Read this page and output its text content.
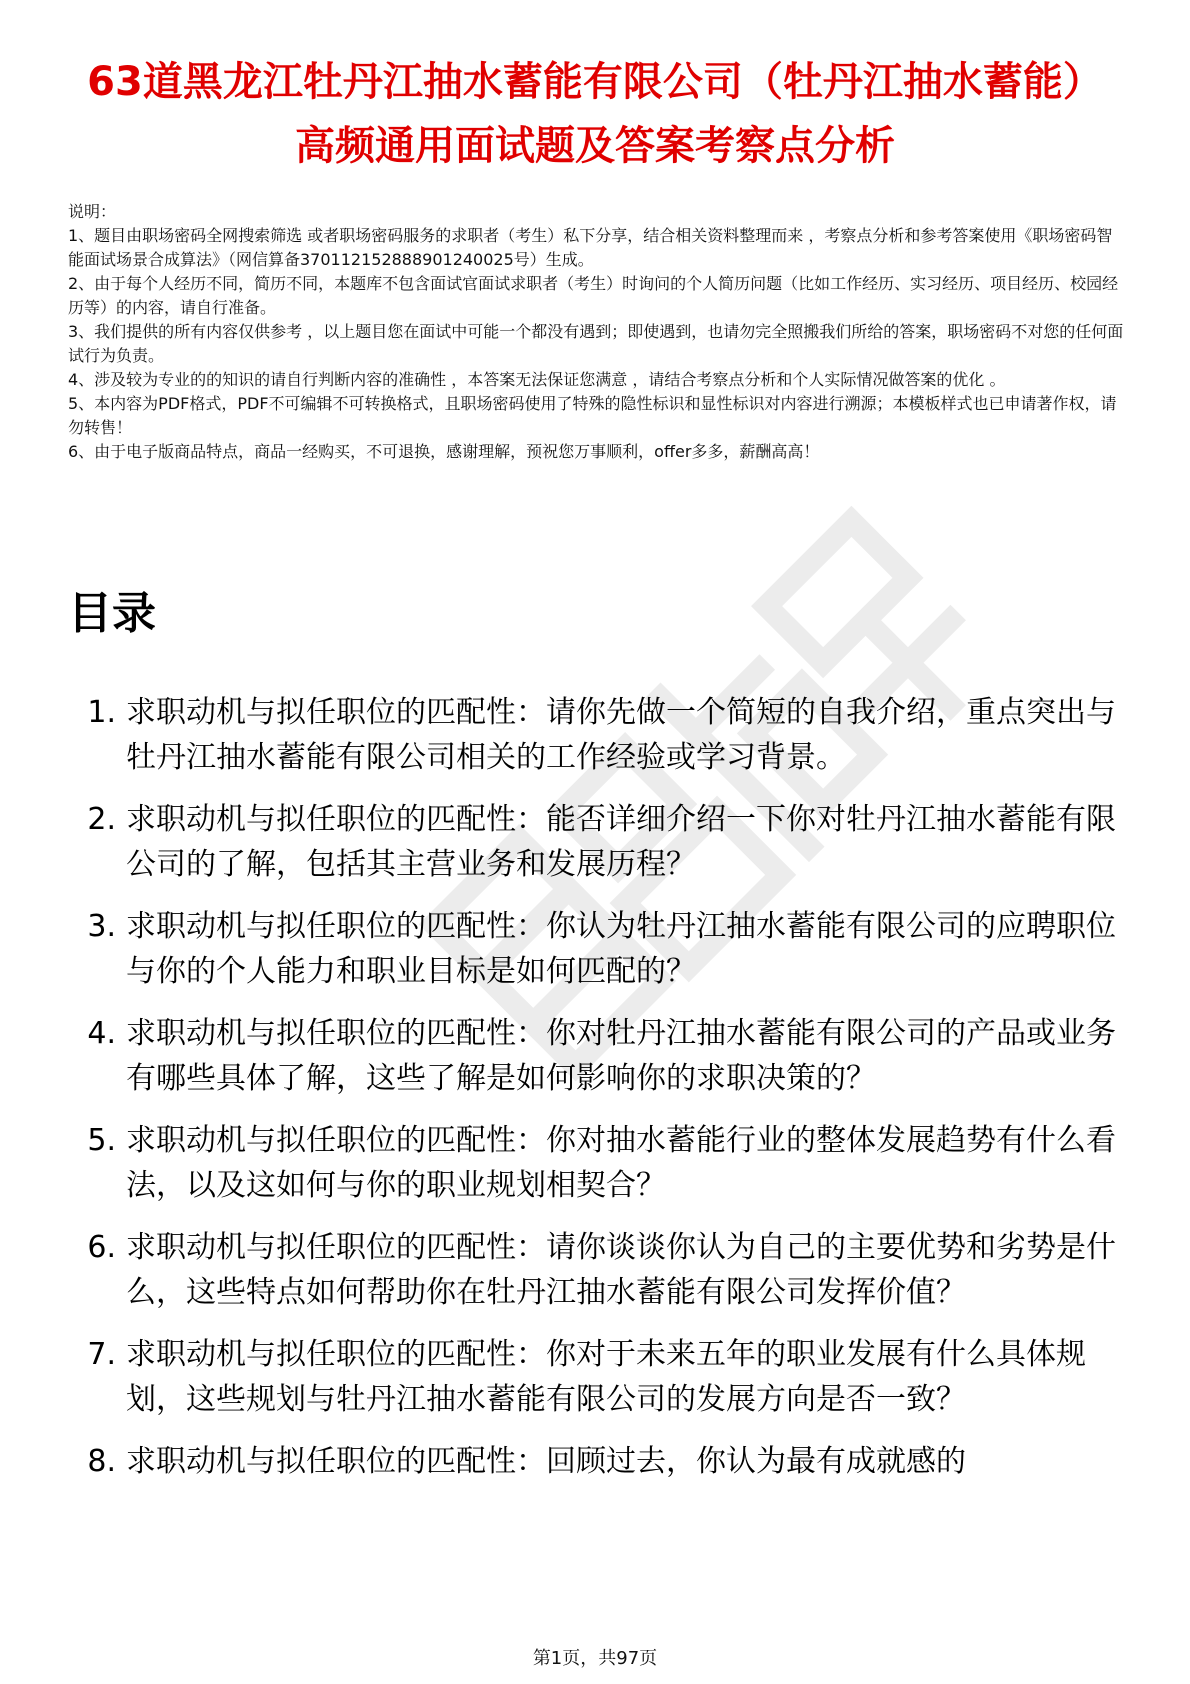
63道黑龙江牡丹江抽水蓄能有限公司（牡丹江抽水蓄能）高频通用面试题及答案考察点分析

说明：

1、题目由职场密码全网搜索筛选 或者职场密码服务的求职者（考生）私下分享，结合相关资料整理而来 ，考察点分析和参考答案使用《职场密码智能面试场景合成算法》（网信算备370112152888901240025号）生成。

2、由于每个人经历不同，简历不同，本题库不包含面试官面试求职者（考生）时询问的个人简历问题（比如工作经历、实习经历、项目经历、校园经历等）的内容，请自行准备。

3、我们提供的所有内容仅供参考 ，以上题目您在面试中可能一个都没有遇到；即使遇到，也请勿完全照搬我们所给的答案，职场密码不对您的任何面试行为负责。

4、涉及较为专业的的知识的请自行判断内容的准确性 ，本答案无法保证您满意 ，请结合考察点分析和个人实际情况做答案的优化 。

5、本内容为PDF格式，PDF不可编辑不可转换格式，且职场密码使用了特殊的隐性标识和显性标识对内容进行溯源；本模板样式也已申请著作权，请勿转售！

6、由于电子版商品特点，商品一经购买，不可退换，感谢理解，预祝您万事顺利，offer多多，薪酬高高！

目录
1. 求职动机与拟任职位的匹配性：请你先做一个简短的自我介绍，重点突出与牡丹江抽水蓄能有限公司相关的工作经验或学习背景。
2. 求职动机与拟任职位的匹配性：能否详细介绍一下你对牡丹江抽水蓄能有限公司的了解，包括其主营业务和发展历程？
3. 求职动机与拟任职位的匹配性：你认为牡丹江抽水蓄能有限公司的应聘职位与你的个人能力和职业目标是如何匹配的？
4. 求职动机与拟任职位的匹配性：你对牡丹江抽水蓄能有限公司的产品或业务有哪些具体了解，这些了解是如何影响你的求职决策的？
5. 求职动机与拟任职位的匹配性：你对抽水蓄能行业的整体发展趋势有什么看法，以及这如何与你的职业规划相契合？
6. 求职动机与拟任职位的匹配性：请你谈谈你认为自己的主要优势和劣势是什么，这些特点如何帮助你在牡丹江抽水蓄能有限公司发挥价值？
7. 求职动机与拟任职位的匹配性：你对于未来五年的职业发展有什么具体规划，这些规划与牡丹江抽水蓄能有限公司的发展方向是否一致？
8. 求职动机与拟任职位的匹配性：回顾过去，你认为最有成就感的
第1页，共97页
